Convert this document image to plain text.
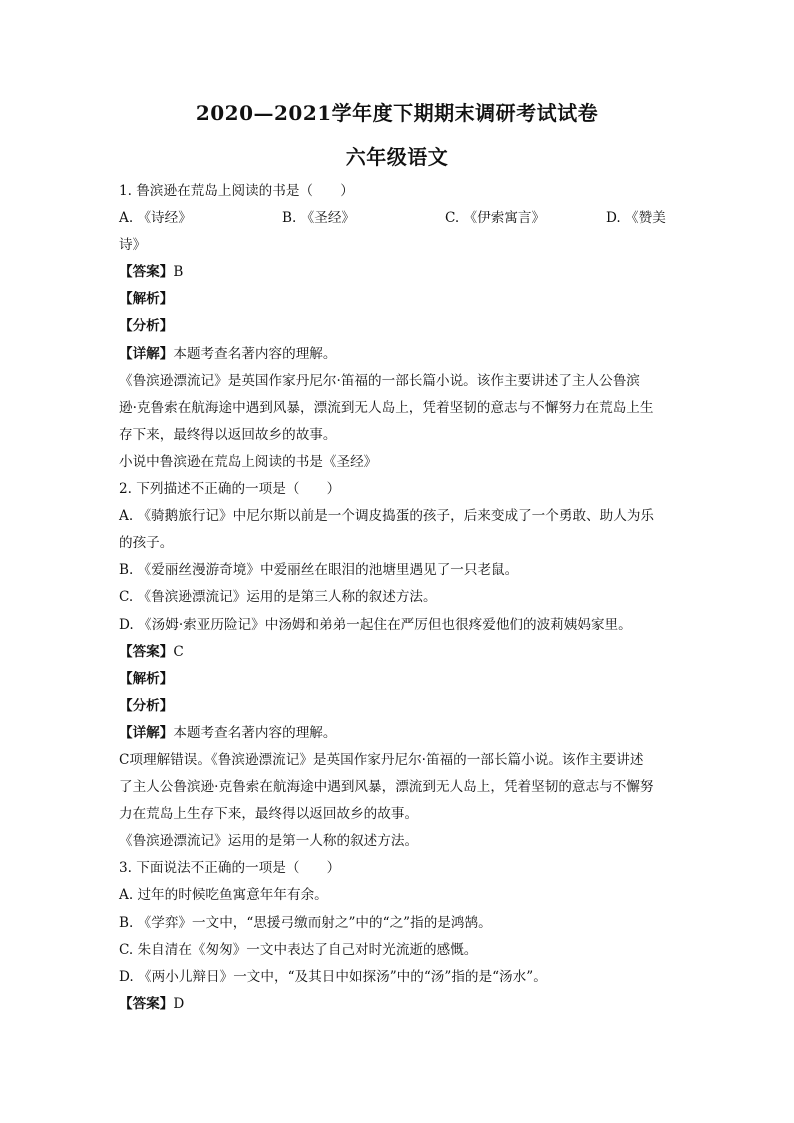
2020—2021学年度下期期末调研考试试卷
六年级语文
1. 鲁滨逊在荒岛上阅读的书是（　　）
A. 《诗经》	B. 《圣经》	C. 《伊索寓言》	D. 《赞美
诗》
【答案】B
【解析】
【分析】
【详解】本题考查名著内容的理解。
《鲁滨逊漂流记》是英国作家丹尼尔·笛福的一部长篇小说。该作主要讲述了主人公鲁滨
逊·克鲁索在航海途中遇到风暴，漂流到无人岛上，凭着坚韧的意志与不懈努力在荒岛上生
存下来，最终得以返回故乡的故事。
小说中鲁滨逊在荒岛上阅读的书是《圣经》
2. 下列描述不正确的一项是（　　）
A. 《骑鹅旅行记》中尼尔斯以前是一个调皮捣蛋的孩子，后来变成了一个勇敢、助人为乐
的孩子。
B. 《爱丽丝漫游奇境》中爱丽丝在眼泪的池塘里遇见了一只老鼠。
C. 《鲁滨逊漂流记》运用的是第三人称的叙述方法。
D. 《汤姆·索亚历险记》中汤姆和弟弟一起住在严厉但也很疼爱他们的波莉姨妈家里。
【答案】C
【解析】
【分析】
【详解】本题考查名著内容的理解。
C项理解错误。《鲁滨逊漂流记》是英国作家丹尼尔·笛福的一部长篇小说。该作主要讲述
了主人公鲁滨逊·克鲁索在航海途中遇到风暴，漂流到无人岛上，凭着坚韧的意志与不懈努
力在荒岛上生存下来，最终得以返回故乡的故事。
《鲁滨逊漂流记》运用的是第一人称的叙述方法。
3. 下面说法不正确的一项是（　　）
A. 过年的时候吃鱼寓意年年有余。
B. 《学弈》一文中，“思援弓缴而射之”中的“之”指的是鸿鹄。
C. 朱自清在《匆匆》一文中表达了自己对时光流逝的感慨。
D. 《两小儿辩日》一文中，“及其日中如探汤”中的“汤”指的是“汤水”。
【答案】D
